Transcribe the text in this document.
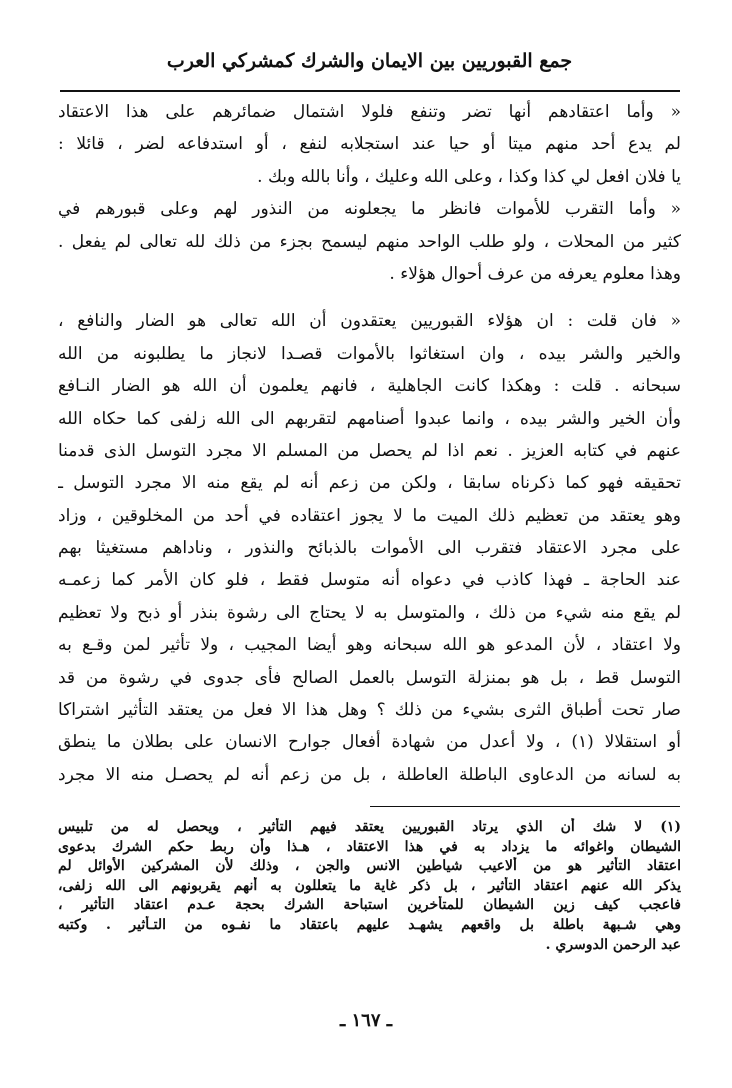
جمع القبوريين بين الايمان والشرك كمشركي العرب

« وأما اعتقادهم أنها تضر وتنفع فلولا اشتمال ضمائرهم على هذا الاعتقاد

لم يدع أحد منهم ميتا أو حيا عند استجلابه لنفع ، أو استدفاعه لضر ، قائلا :

يا فلان افعل لي كذا وكذا ، وعلى الله وعليك ، وأنا بالله وبك .

« وأما التقرب للأموات فانظر ما يجعلونه من النذور لهم وعلى قبورهم في

كثير من المحلات ، ولو طلب الواحد منهم ليسمح بجزء من ذلك لله تعالى لم يفعل .

وهذا معلوم يعرفه من عرف أحوال هؤلاء .

« فان قلت : ان هؤلاء القبوريين يعتقدون أن الله تعالى هو الضار والنافع ،

والخير والشر بيده ، وان استغاثوا بالأموات قصـدا لانجاز ما يطلبونه من الله

سبحانه . قلت : وهكذا كانت الجاهلية ، فانهم يعلمون أن الله هو الضار النـافع

وأن الخير والشر بيده ، وانما عبدوا أصنامهم لتقربهم الى الله زلفى كما حكاه الله

عنهم في كتابه العزيز . نعم اذا لم يحصل من المسلم الا مجرد التوسل الذى قدمنا

تحقيقه فهو كما ذكرناه سابقا ، ولكن من زعم أنه لم يقع منه الا مجرد التوسل ـ

وهو يعتقد من تعظيم ذلك الميت ما لا يجوز اعتقاده في أحد من المخلوقين ، وزاد

على مجرد الاعتقاد فتقرب الى الأموات بالذبائح والنذور ، وناداهم مستغيثا بهم

عند الحاجة ـ فهذا كاذب في دعواه أنه متوسل فقط ، فلو كان الأمر كما زعمـه

لم يقع منه شيء من ذلك ، والمتوسل به لا يحتاج الى رشوة بنذر أو ذبح ولا تعظيم

ولا اعتقاد ، لأن المدعو هو الله سبحانه وهو أيضا المجيب ، ولا تأثير لمن وقـع به

التوسل قط ، بل هو بمنزلة التوسل بالعمل الصالح فأى جدوى في رشوة من قد

صار تحت أطباق الثرى بشيء من ذلك ؟ وهل هذا الا فعل من يعتقد التأثير اشتراكا

أو استقلالا (١) ، ولا أعدل من شهادة أفعال جوارح الانسان على بطلان ما ينطق

به لسانه من الدعاوى الباطلة العاطلة ، بل من زعم أنه لم يحصـل منه الا مجرد

(١) لا شك أن الذي يرتاد القبوريين يعتقد فيهم التأثير ، ويحصل له من تلبيس

الشيطان واغوائه ما يزداد به في هذا الاعتقاد ، هـذا وأن ربط حكم الشرك بدعوى

اعتقاد التأثير هو من ألاعيب شياطين الانس والجن ، وذلك لأن المشركين الأوائل لم

يذكر الله عنهم اعتقاد التأثير ، بل ذكر غاية ما يتعللون به أنهم يقربونهم الى الله زلفى،

فاعجب كيف زين الشيطان للمتأخرين استباحة الشرك بحجة عـدم اعتقاد التأثير ،

وهي شـبهة باطلة بل واقعهم يشهـد عليهم باعتقاد ما نفـوه من التـأثير . وكتبه

عبد الرحمن الدوسري .

ـ ١٦٧ ـ
